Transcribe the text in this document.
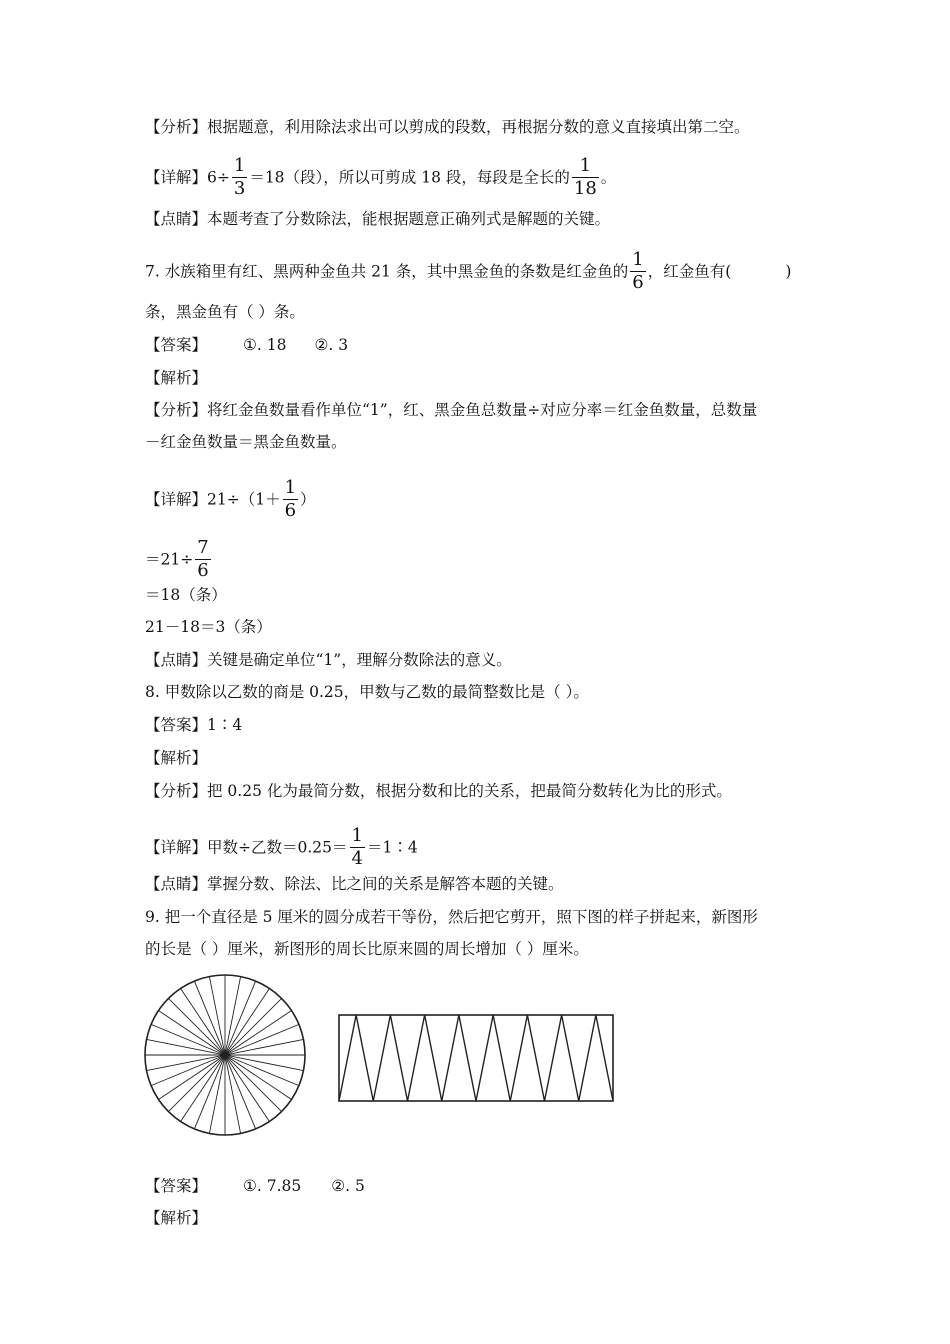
【分析】根据题意，利用除法求出可以剪成的段数，再根据分数的意义直接填出第二空。
【详解】$6\div \frac{1}{3} =18$（段），所以可剪成 18 段，每段是全长的 $\frac{1}{18}$ 。
【点睛】本题考查了分数除法，能根据题意正确列式是解题的关键。
7. 水族箱里有红、黑两种金鱼共 21 条，其中黑金鱼的条数是红金鱼的 $\frac{1}{6}$ ，红金鱼有(	)
条，黑金鱼有（ ）条。
【答案】 ①. 18 ②. 3
【解析】
【分析】将红金鱼数量看作单位“1”，红、黑金鱼总数量÷对应分率＝红金鱼数量，总数量
－红金鱼数量＝黑金鱼数量。
【详解】$21\div(1+ \frac{1}{6}$ ）
$=21\div \frac{7}{6}$
＝18（条）
21－18＝3（条）
【点睛】关键是确定单位“1”，理解分数除法的意义。
8. 甲数除以乙数的商是 0.25，甲数与乙数的最简整数比是（ ）。
【答案】1∶4
【解析】
【分析】把 0.25 化为最简分数，根据分数和比的关系，把最简分数转化为比的形式。
【详解】甲数÷乙数$=0.25= \frac{1}{4}$ ＝1∶4
【点睛】掌握分数、除法、比之间的关系是解答本题的关键。
9. 把一个直径是 5 厘米的圆分成若干等份，然后把它剪开，照下图的样子拼起来，新图形
的长是（ ）厘米，新图形的周长比原来圆的周长增加（ ）厘米。
【答案】 ①. 7.85 ②. 5
【解析】
